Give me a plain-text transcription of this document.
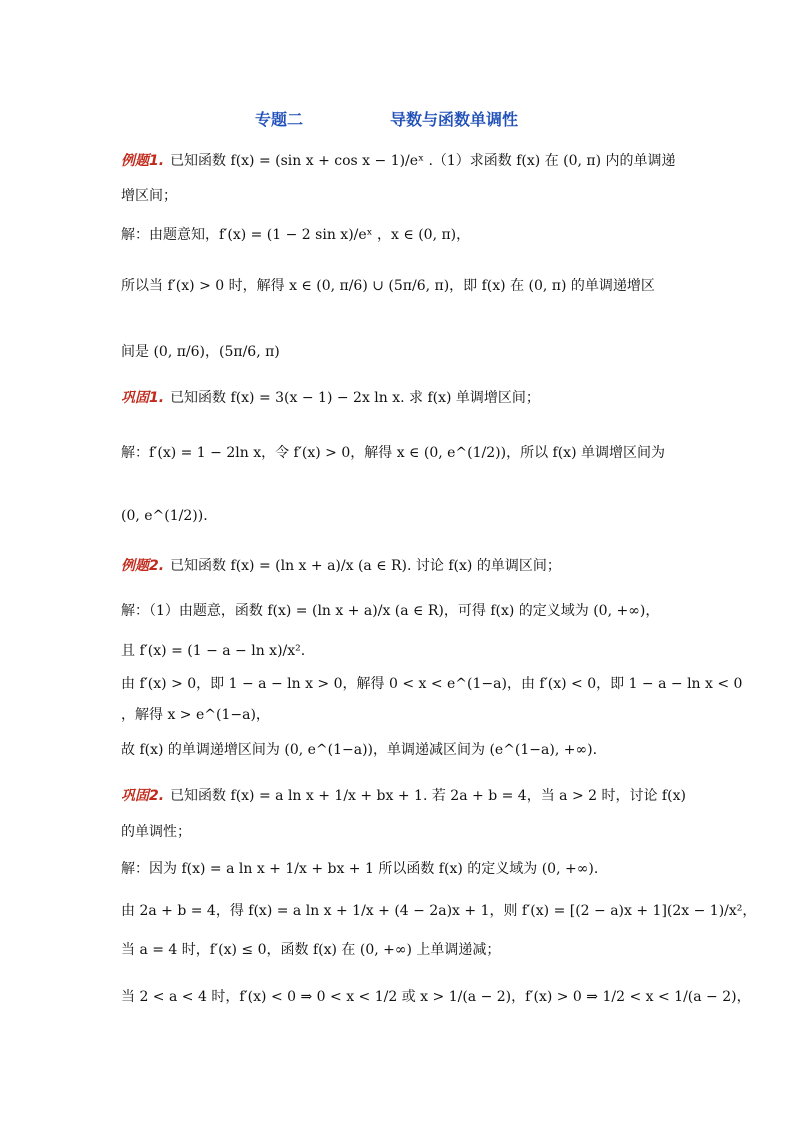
专题二	导数与函数单调性
例题1. 已知函数 f(x) = (sin x + cos x − 1)/eˣ .（1）求函数 f(x) 在 (0, π) 内的单调递
增区间；
解：由题意知，f′(x) = (1 − 2 sin x)/eˣ ，x ∈ (0, π)，
所以当 f′(x) > 0 时，解得 x ∈ (0, π/6) ∪ (5π/6, π)，即 f(x) 在 (0, π) 的单调递增区
间是 (0, π/6)，(5π/6, π)
巩固1. 已知函数 f(x) = 3(x − 1) − 2x ln x. 求 f(x) 单调增区间；
解：f′(x) = 1 − 2ln x，令 f′(x) > 0，解得 x ∈ (0, e^(1/2))，所以 f(x) 单调增区间为
(0, e^(1/2)).
例题2. 已知函数 f(x) = (ln x + a)/x (a ∈ R). 讨论 f(x) 的单调区间；
解：（1）由题意，函数 f(x) = (ln x + a)/x (a ∈ R)，可得 f(x) 的定义域为 (0, +∞)，
且 f′(x) = (1 − a − ln x)/x².
由 f′(x) > 0，即 1 − a − ln x > 0，解得 0 < x < e^(1−a)，由 f′(x) < 0，即 1 − a − ln x < 0
，解得 x > e^(1−a)，
故 f(x) 的单调递增区间为 (0, e^(1−a))，单调递减区间为 (e^(1−a), +∞).
巩固2. 已知函数 f(x) = a ln x + 1/x + bx + 1. 若 2a + b = 4，当 a > 2 时，讨论 f(x)
的单调性；
解：因为 f(x) = a ln x + 1/x + bx + 1 所以函数 f(x) 的定义域为 (0, +∞).
由 2a + b = 4，得 f(x) = a ln x + 1/x + (4 − 2a)x + 1，则 f′(x) = [(2 − a)x + 1](2x − 1)/x²，
当 a = 4 时，f′(x) ≤ 0，函数 f(x) 在 (0, +∞) 上单调递减；
当 2 < a < 4 时，f′(x) < 0 ⇒ 0 < x < 1/2 或 x > 1/(a − 2)，f′(x) > 0 ⇒ 1/2 < x < 1/(a − 2)，
